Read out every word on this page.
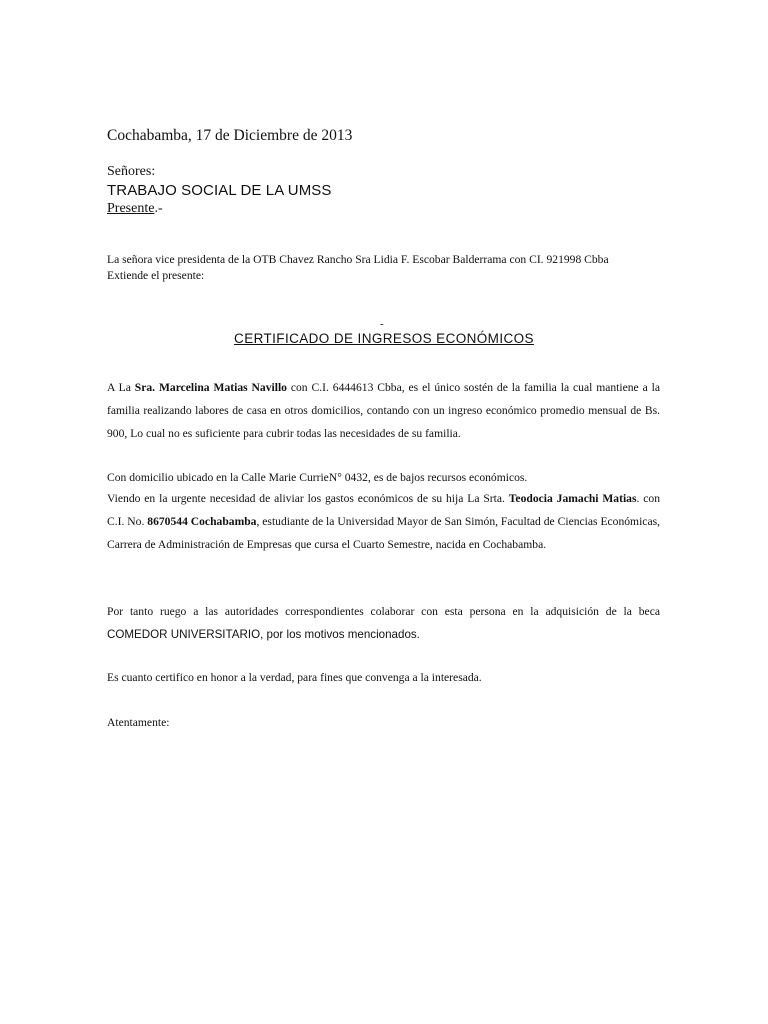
Cochabamba, 17 de Diciembre de 2013
Señores:
TRABAJO SOCIAL DE LA UMSS
Presente.-
La señora vice presidenta de la OTB Chavez Rancho Sra Lidia F. Escobar Balderrama con CI. 921998 Cbba
Extiende el presente:
-
CERTIFICADO DE INGRESOS ECONÓMICOS
A La Sra. Marcelina Matias Navillo con C.I. 6444613 Cbba, es el único sostén de la familia la cual mantiene a la familia realizando labores de casa en otros domicilios, contando con un ingreso económico promedio mensual de Bs. 900, Lo cual no es suficiente para cubrir todas las necesidades de su familia.
Con domicilio ubicado en la Calle Marie CurrieN° 0432, es de bajos recursos económicos.
Viendo en la urgente necesidad de aliviar los gastos económicos de su hija La Srta. Teodocia Jamachi Matias. con C.I. No. 8670544 Cochabamba, estudiante de la Universidad Mayor de San Simón, Facultad de Ciencias Económicas, Carrera de Administración de Empresas que cursa el Cuarto Semestre, nacida en Cochabamba.
Por tanto ruego a las autoridades correspondientes colaborar con esta persona en la adquisición de la beca COMEDOR UNIVERSITARIO, por los motivos mencionados.
Es cuanto certifico en honor a la verdad, para fines que convenga a la interesada.
Atentamente:
